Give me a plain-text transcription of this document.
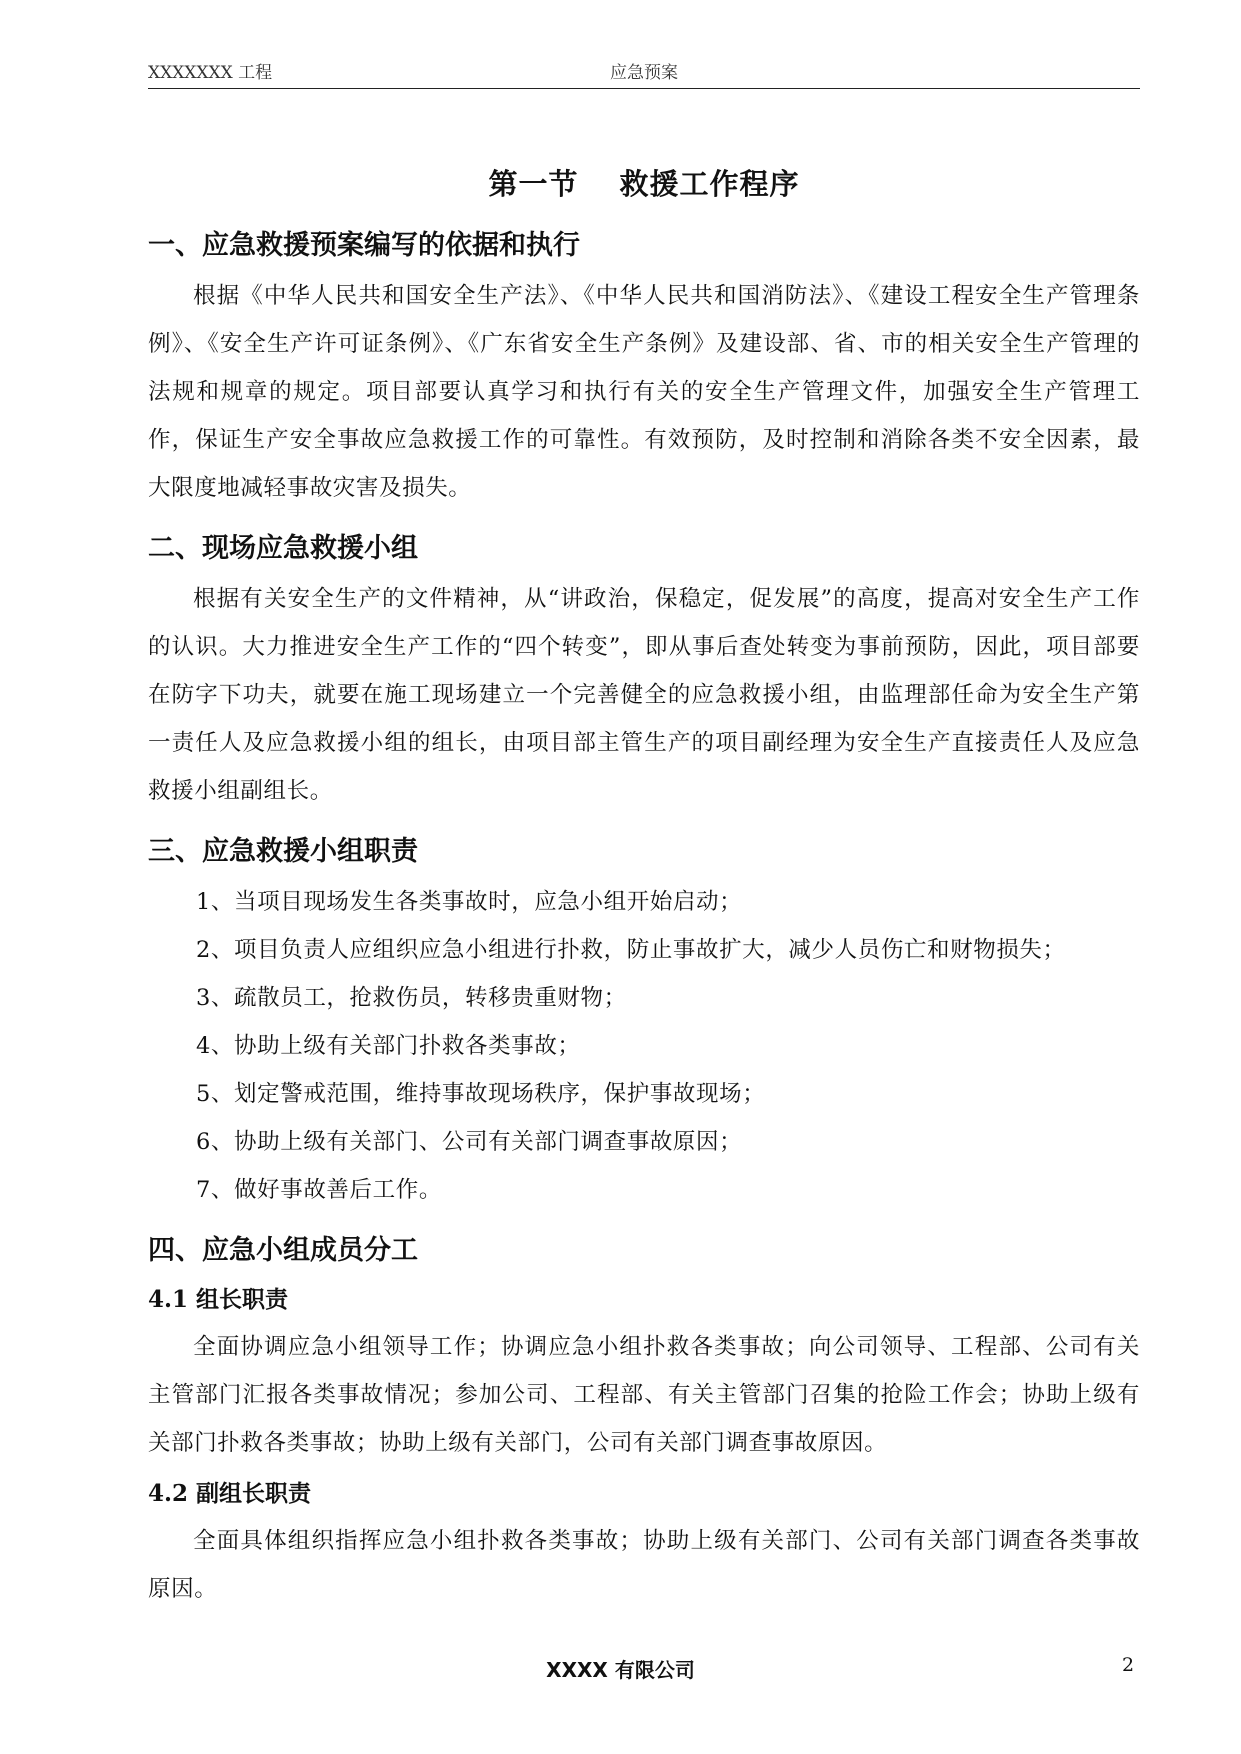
XXXXXXX 工程	应急预案
第一节　 救援工作程序
一、应急救援预案编写的依据和执行

根据《中华人民共和国安全生产法》、《中华人民共和国消防法》、《建设工程安全生产管理条例》、《安全生产许可证条例》、《广东省安全生产条例》及建设部、省、市的相关安全生产管理的法规和规章的规定。项目部要认真学习和执行有关的安全生产管理文件，加强安全生产管理工作，保证生产安全事故应急救援工作的可靠性。有效预防，及时控制和消除各类不安全因素，最大限度地减轻事故灾害及损失。

二、现场应急救援小组

根据有关安全生产的文件精神，从“讲政治，保稳定，促发展”的高度，提高对安全生产工作的认识。大力推进安全生产工作的“四个转变”，即从事后查处转变为事前预防，因此，项目部要在防字下功夫，就要在施工现场建立一个完善健全的应急救援小组，由监理部任命为安全生产第一责任人及应急救援小组的组长，由项目部主管生产的项目副经理为安全生产直接责任人及应急救援小组副组长。

三、应急救援小组职责

1、当项目现场发生各类事故时，应急小组开始启动；

2、项目负责人应组织应急小组进行扑救，防止事故扩大，减少人员伤亡和财物损失；

3、疏散员工，抢救伤员，转移贵重财物；

4、协助上级有关部门扑救各类事故；

5、划定警戒范围，维持事故现场秩序，保护事故现场；

6、协助上级有关部门、公司有关部门调查事故原因；

7、做好事故善后工作。

四、应急小组成员分工
4.1 组长职责

全面协调应急小组领导工作；协调应急小组扑救各类事故；向公司领导、工程部、公司有关主管部门汇报各类事故情况；参加公司、工程部、有关主管部门召集的抢险工作会；协助上级有关部门扑救各类事故；协助上级有关部门，公司有关部门调查事故原因。

4.2 副组长职责

全面具体组织指挥应急小组扑救各类事故；协助上级有关部门、公司有关部门调查各类事故原因。

XXXX 有限公司	2
